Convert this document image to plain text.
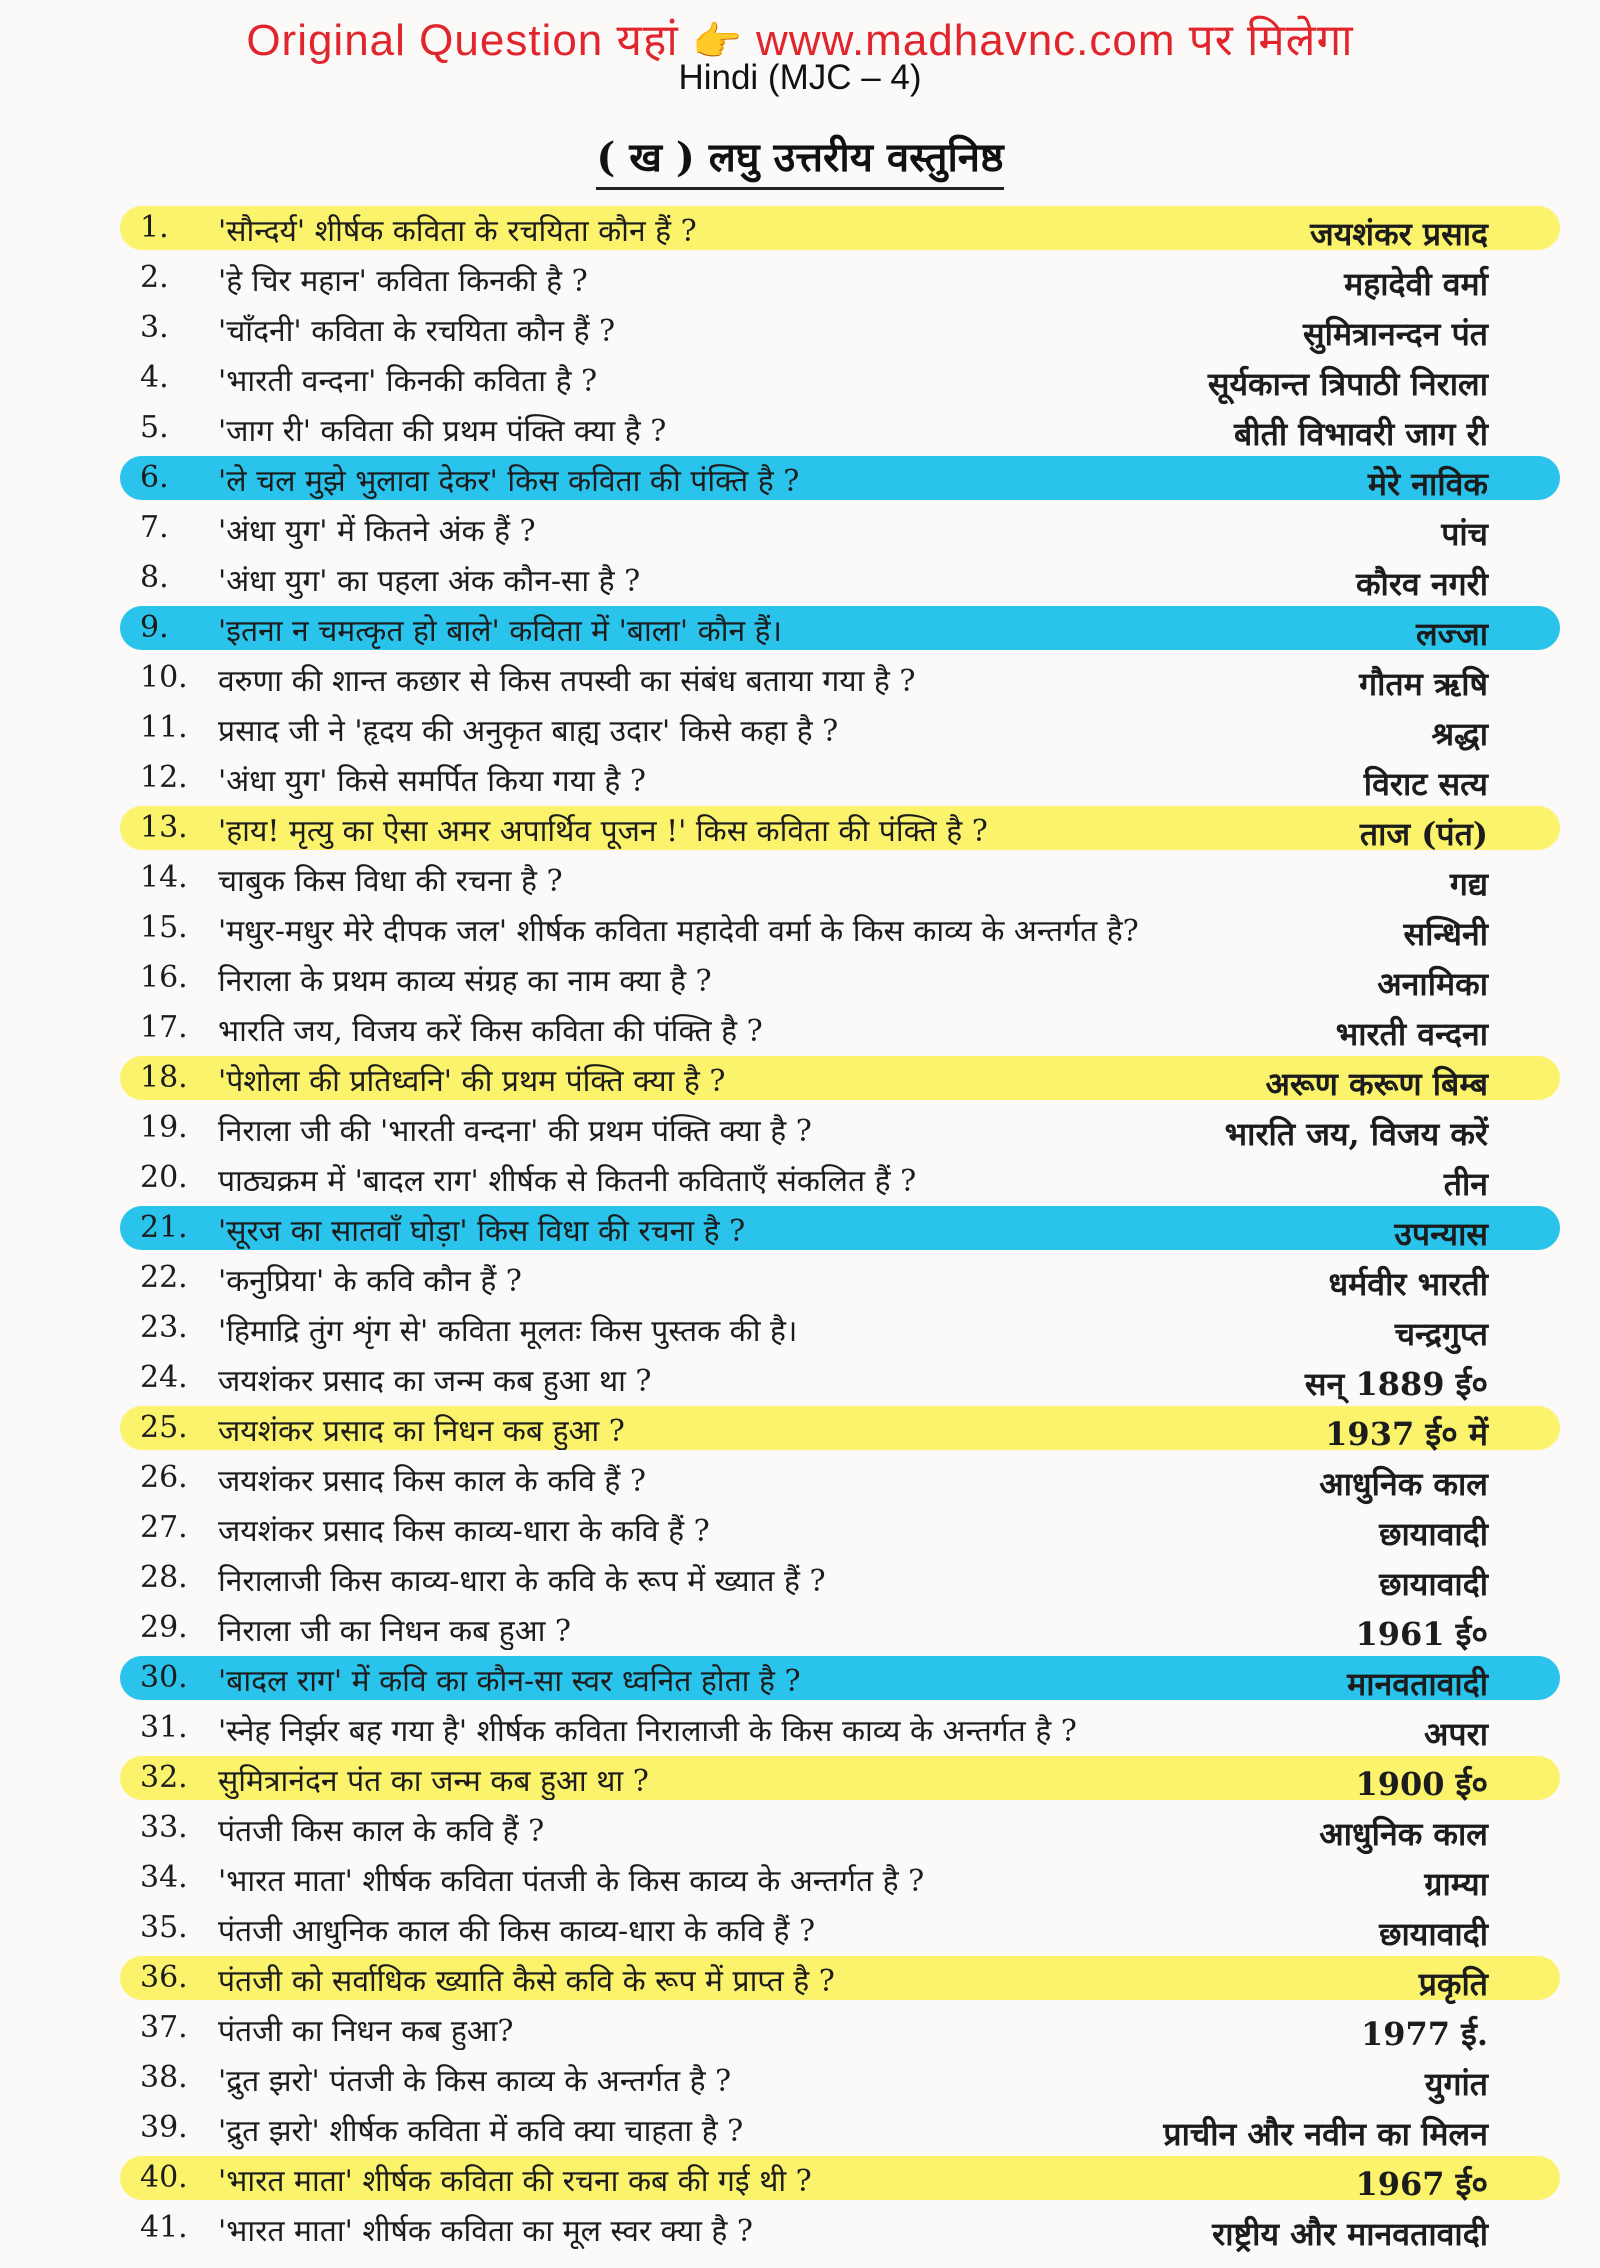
Original Question यहां 👉 www.madhavnc.com पर मिलेगा
Hindi (MJC – 4)
( ख ) लघु उत्तरीय वस्तुनिष्ठ
1.	'सौन्दर्य' शीर्षक कविता के रचयिता कौन हैं ?	जयशंकर प्रसाद
2.	'हे चिर महान' कविता किनकी है ?	महादेवी वर्मा
3.	'चाँदनी' कविता के रचयिता कौन हैं ?	सुमित्रानन्दन पंत
4.	'भारती वन्दना' किनकी कविता है ?	सूर्यकान्त त्रिपाठी निराला
5.	'जाग री' कविता की प्रथम पंक्ति क्या है ?	बीती विभावरी जाग री
6.	'ले चल मुझे भुलावा देकर' किस कविता की पंक्ति है ?	मेरे नाविक
7.	'अंधा युग' में कितने अंक हैं ?	पांच
8.	'अंधा युग' का पहला अंक कौन-सा है ?	कौरव नगरी
9.	'इतना न चमत्कृत हो बाले' कविता में 'बाला' कौन हैं।	लज्जा
10.	वरुणा की शान्त कछार से किस तपस्वी का संबंध बताया गया है ?	गौतम ऋषि
11.	प्रसाद जी ने 'हृदय की अनुकृत बाह्य उदार' किसे कहा है ?	श्रद्धा
12.	'अंधा युग' किसे समर्पित किया गया है ?	विराट सत्य
13.	'हाय! मृत्यु का ऐसा अमर अपार्थिव पूजन !' किस कविता की पंक्ति है ?	ताज (पंत)
14.	चाबुक किस विधा की रचना है ?	गद्य
15.	'मधुर-मधुर मेरे दीपक जल' शीर्षक कविता महादेवी वर्मा के किस काव्य के अन्तर्गत है?	सन्धिनी
16.	निराला के प्रथम काव्य संग्रह का नाम क्या है ?	अनामिका
17.	भारति जय, विजय करें किस कविता की पंक्ति है ?	भारती वन्दना
18.	'पेशोला की प्रतिध्वनि' की प्रथम पंक्ति क्या है ?	अरूण करूण बिम्ब
19.	निराला जी की 'भारती वन्दना' की प्रथम पंक्ति क्या है ?	भारति जय, विजय करें
20.	पाठ्यक्रम में 'बादल राग' शीर्षक से कितनी कविताएँ संकलित हैं ?	तीन
21.	'सूरज का सातवाँ घोड़ा' किस विधा की रचना है ?	उपन्यास
22.	'कनुप्रिया' के कवि कौन हैं ?	धर्मवीर भारती
23.	'हिमाद्रि तुंग शृंग से' कविता मूलतः किस पुस्तक की है।	चन्द्रगुप्त
24.	जयशंकर प्रसाद का जन्म कब हुआ था ?	सन् 1889 ई०
25.	जयशंकर प्रसाद का निधन कब हुआ ?	1937 ई० में
26.	जयशंकर प्रसाद किस काल के कवि हैं ?	आधुनिक काल
27.	जयशंकर प्रसाद किस काव्य-धारा के कवि हैं ?	छायावादी
28.	निरालाजी किस काव्य-धारा के कवि के रूप में ख्यात हैं ?	छायावादी
29.	निराला जी का निधन कब हुआ ?	1961 ई०
30.	'बादल राग' में कवि का कौन-सा स्वर ध्वनित होता है ?	मानवतावादी
31.	'स्नेह निर्झर बह गया है' शीर्षक कविता निरालाजी के किस काव्य के अन्तर्गत है ?	अपरा
32.	सुमित्रानंदन पंत का जन्म कब हुआ था ?	1900 ई०
33.	पंतजी किस काल के कवि हैं ?	आधुनिक काल
34.	'भारत माता' शीर्षक कविता पंतजी के किस काव्य के अन्तर्गत है ?	ग्राम्या
35.	पंतजी आधुनिक काल की किस काव्य-धारा के कवि हैं ?	छायावादी
36.	पंतजी को सर्वाधिक ख्याति कैसे कवि के रूप में प्राप्त है ?	प्रकृति
37.	पंतजी का निधन कब हुआ?	1977 ई.
38.	'द्रुत झरो' पंतजी के किस काव्य के अन्तर्गत है ?	युगांत
39.	'द्रुत झरो' शीर्षक कविता में कवि क्या चाहता है ?	प्राचीन और नवीन का मिलन
40.	'भारत माता' शीर्षक कविता की रचना कब की गई थी ?	1967 ई०
41.	'भारत माता' शीर्षक कविता का मूल स्वर क्या है ?	राष्ट्रीय और मानवतावादी
